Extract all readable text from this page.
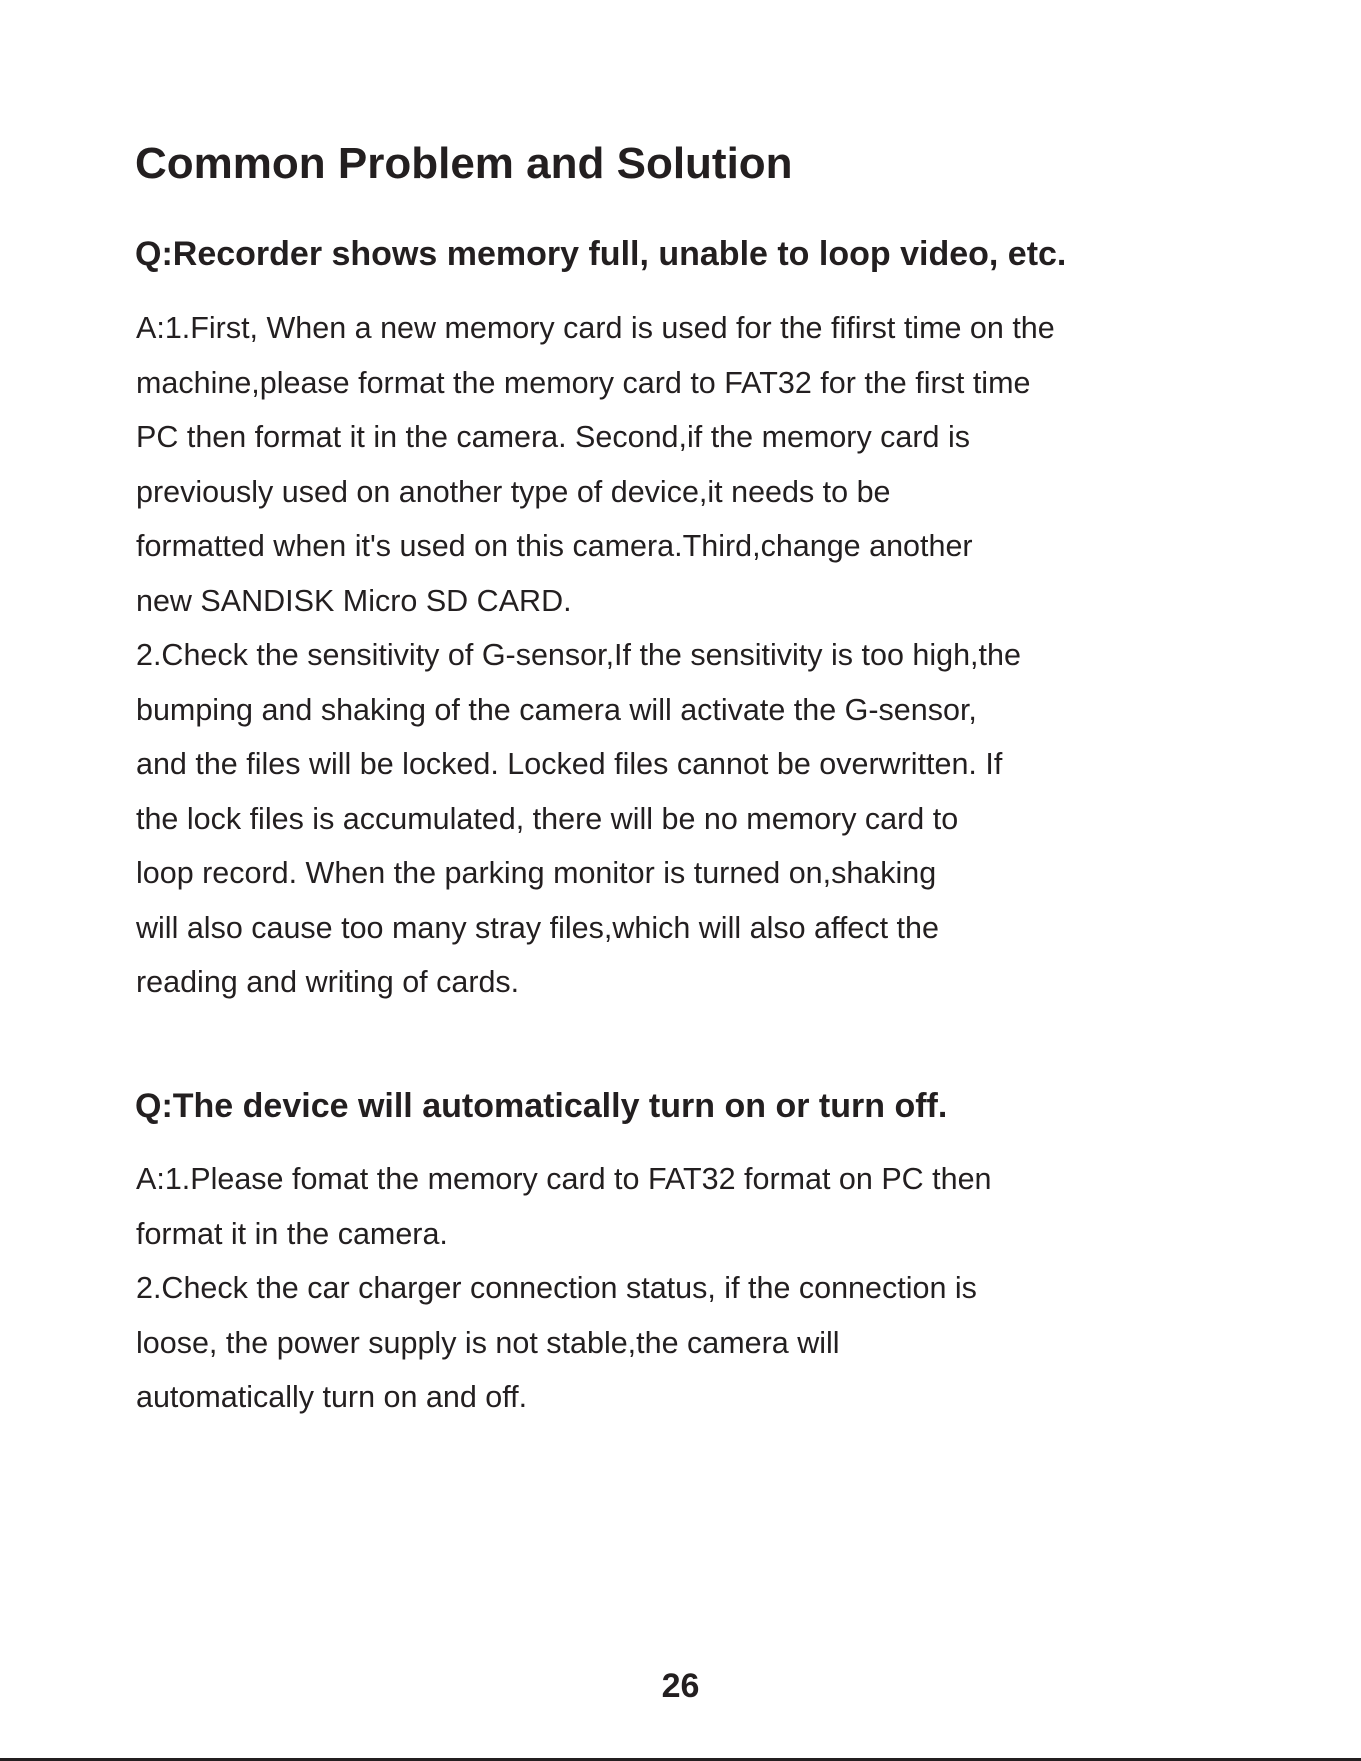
Common Problem and Solution
Q:Recorder shows memory full, unable to loop video, etc.
A:1.First, When a new memory card is used for the fifirst time on the
machine,please format the memory card to FAT32 for the first time
PC then format it in the camera. Second,if the memory card is
previously used on another type of device,it needs to be
formatted when it's used on this camera.Third,change another
new SANDISK Micro SD CARD.
2.Check the sensitivity of G-sensor,If the sensitivity is too high,the
bumping and shaking of the camera will activate the G-sensor,
and the files will be locked. Locked files cannot be overwritten. If
the lock files is accumulated, there will be no memory card to
loop record. When the parking monitor is turned on,shaking
will also cause too many stray files,which will also affect the
reading and writing of cards.
Q:The device will automatically turn on or turn off.
A:1.Please fomat the memory card to FAT32 format on PC then
format it in the camera.
2.Check the car charger connection status, if the connection is
loose, the power supply is not stable,the camera will
automatically turn on and off.
26
